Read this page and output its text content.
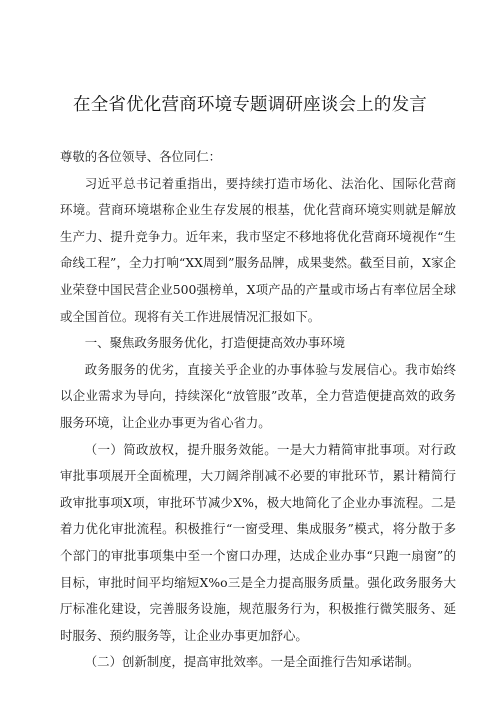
在全省优化营商环境专题调研座谈会上的发言

尊敬的各位领导、各位同仁：

习近平总书记着重指出，要持续打造市场化、法治化、国际化营商环境。营商环境堪称企业生存发展的根基，优化营商环境实则就是解放生产力、提升竞争力。近年来，我市坚定不移地将优化营商环境视作“生命线工程”，全力打响“XX周到”服务品牌，成果斐然。截至目前，X家企业荣登中国民营企业500强榜单，X项产品的产量或市场占有率位居全球或全国首位。现将有关工作进展情况汇报如下。

一、聚焦政务服务优化，打造便捷高效办事环境

政务服务的优劣，直接关乎企业的办事体验与发展信心。我市始终以企业需求为导向，持续深化“放管服”改革，全力营造便捷高效的政务服务环境，让企业办事更为省心省力。

（一）简政放权，提升服务效能。一是大力精简审批事项。对行政审批事项展开全面梳理，大刀阔斧削减不必要的审批环节，累计精简行政审批事项X项，审批环节减少X%，极大地简化了企业办事流程。二是着力优化审批流程。积极推行“一窗受理、集成服务”模式，将分散于多个部门的审批事项集中至一个窗口办理，达成企业办事“只跑一扇窗”的目标，审批时间平均缩短X%o三是全力提高服务质量。强化政务服务大厅标准化建设，完善服务设施，规范服务行为，积极推行微笑服务、延时服务、预约服务等，让企业办事更加舒心。

（二）创新制度，提高审批效率。一是全面推行告知承诺制。
